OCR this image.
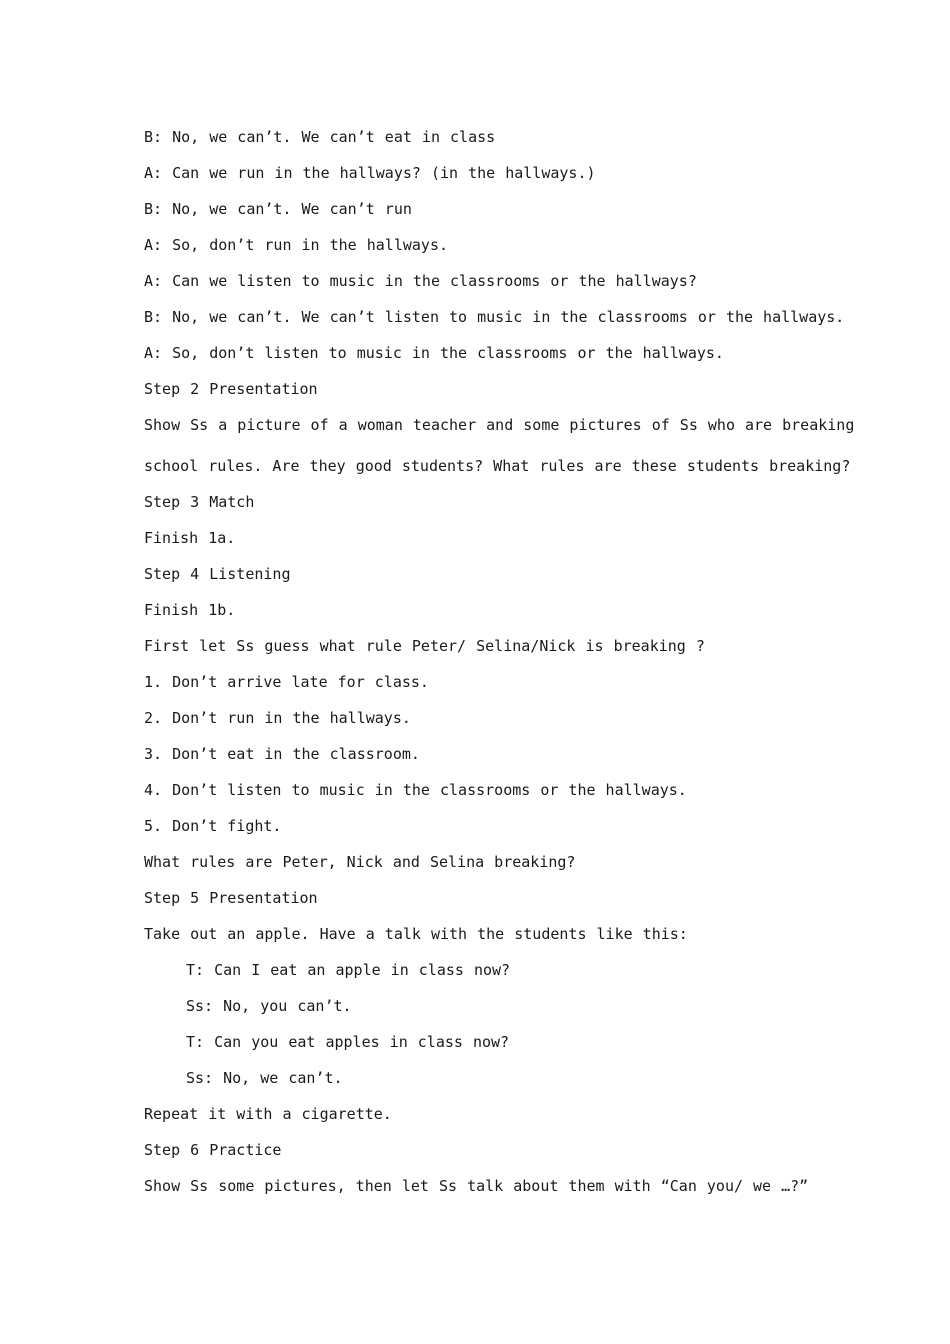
B: No, we can’t. We can’t eat in class

A: Can we run in the hallways? (in the hallways.)

B: No, we can’t. We can’t run

A: So, don’t run in the hallways.

A: Can we listen to music in the classrooms or the hallways?

B: No, we can’t. We can’t listen to music in the classrooms or the hallways.

A: So, don’t listen to music in the classrooms or the hallways.

Step 2 Presentation

Show Ss a picture of a woman teacher and some pictures of Ss who are breaking

school rules. Are they good students? What rules are these students breaking?

Step 3 Match

Finish 1a.

Step 4 Listening

Finish 1b.

First let Ss guess what rule Peter/ Selina/Nick is breaking ?

1. Don’t arrive late for class.

2. Don’t run in the hallways.

3. Don’t eat in the classroom.

4. Don’t listen to music in the classrooms or the hallways.

5. Don’t fight.

What rules are Peter, Nick and Selina breaking?

Step 5 Presentation

Take out an apple. Have a talk with the students like this:

T: Can I eat an apple in class now?

Ss: No, you can’t.

T: Can you eat apples in class now?

Ss: No, we can’t.

Repeat it with a cigarette.

Step 6 Practice

Show Ss some pictures, then let Ss talk about them with “Can you/ we …?”
